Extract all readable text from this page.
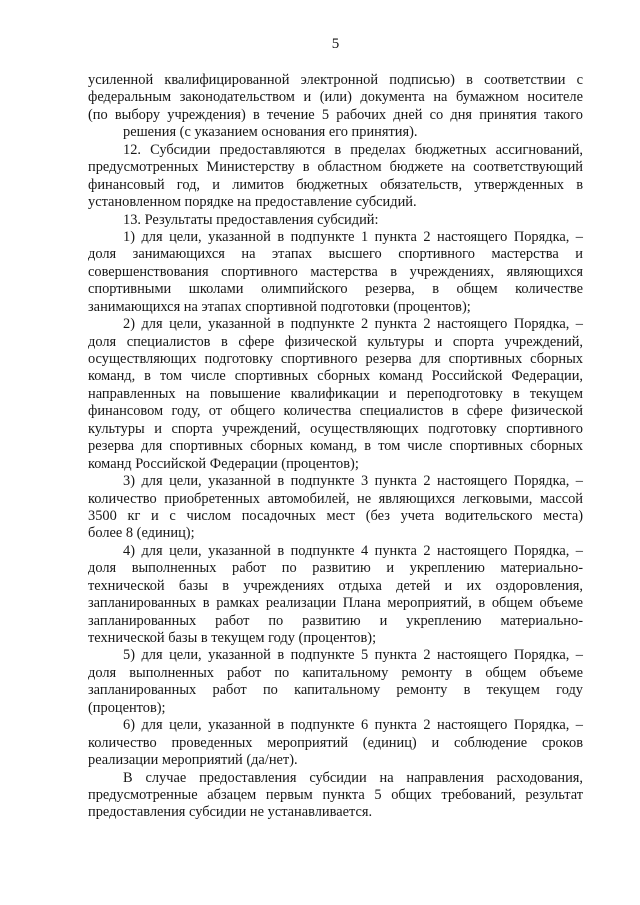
5
усиленной квалифицированной электронной подписью) в соответствии с
федеральным законодательством и (или) документа на бумажном носителе
(по выбору учреждения) в течение 5 рабочих дней со дня принятия такого
решения (с указанием основания его принятия).
12. Субсидии предоставляются в пределах бюджетных ассигнований,
предусмотренных Министерству в областном бюджете на соответствующий
финансовый год, и лимитов бюджетных обязательств, утвержденных в
установленном порядке на предоставление субсидий.
13. Результаты предоставления субсидий:
1) для цели, указанной в подпункте 1 пункта 2 настоящего Порядка, –
доля занимающихся на этапах высшего спортивного мастерства и
совершенствования спортивного мастерства в учреждениях, являющихся
спортивными школами олимпийского резерва, в общем количестве
занимающихся на этапах спортивной подготовки (процентов);
2) для цели, указанной в подпункте 2 пункта 2 настоящего Порядка, –
доля специалистов в сфере физической культуры и спорта учреждений,
осуществляющих подготовку спортивного резерва для спортивных сборных
команд, в том числе спортивных сборных команд Российской Федерации,
направленных на повышение квалификации и переподготовку в текущем
финансовом году, от общего количества специалистов в сфере физической
культуры и спорта учреждений, осуществляющих подготовку спортивного
резерва для спортивных сборных команд, в том числе спортивных сборных
команд Российской Федерации (процентов);
3) для цели, указанной в подпункте 3 пункта 2 настоящего Порядка, –
количество приобретенных автомобилей, не являющихся легковыми, массой
3500 кг и с числом посадочных мест (без учета водительского места)
более 8 (единиц);
4) для цели, указанной в подпункте 4 пункта 2 настоящего Порядка, –
доля выполненных работ по развитию и укреплению материально-
технической базы в учреждениях отдыха детей и их оздоровления,
запланированных в рамках реализации Плана мероприятий, в общем объеме
запланированных работ по развитию и укреплению материально-
технической базы в текущем году (процентов);
5) для цели, указанной в подпункте 5 пункта 2 настоящего Порядка, –
доля выполненных работ по капитальному ремонту в общем объеме
запланированных работ по капитальному ремонту в текущем году
(процентов);
6) для цели, указанной в подпункте 6 пункта 2 настоящего Порядка, –
количество проведенных мероприятий (единиц) и соблюдение сроков
реализации мероприятий (да/нет).
В случае предоставления субсидии на направления расходования,
предусмотренные абзацем первым пункта 5 общих требований, результат
предоставления субсидии не устанавливается.
